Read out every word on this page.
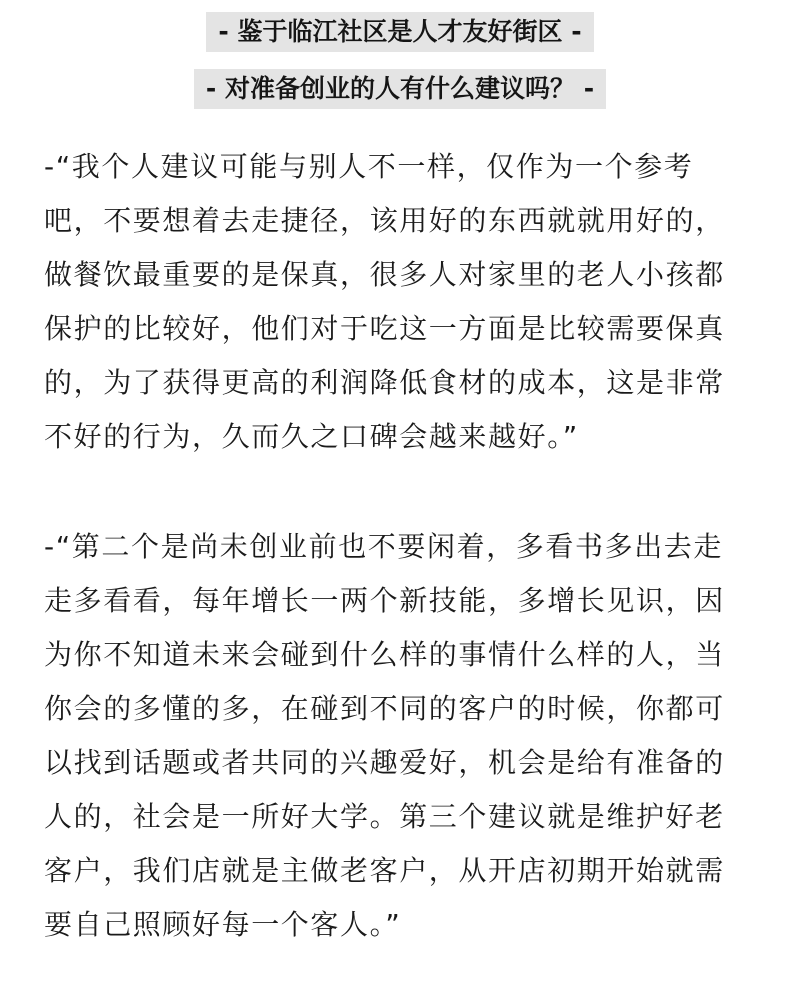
- 鉴于临江社区是人才友好街区 -
- 对准备创业的人有什么建议吗？ -
-“我个人建议可能与别人不一样，仅作为一个参考
吧，不要想着去走捷径，该用好的东西就就用好的，
做餐饮最重要的是保真，很多人对家里的老人小孩都
保护的比较好，他们对于吃这一方面是比较需要保真
的，为了获得更高的利润降低食材的成本，这是非常
不好的行为，久而久之口碑会越来越好。”
-“第二个是尚未创业前也不要闲着，多看书多出去走
走多看看，每年增长一两个新技能，多增长见识，因
为你不知道未来会碰到什么样的事情什么样的人，当
你会的多懂的多，在碰到不同的客户的时候，你都可
以找到话题或者共同的兴趣爱好，机会是给有准备的
人的，社会是一所好大学。第三个建议就是维护好老
客户，我们店就是主做老客户，从开店初期开始就需
要自己照顾好每一个客人。”
